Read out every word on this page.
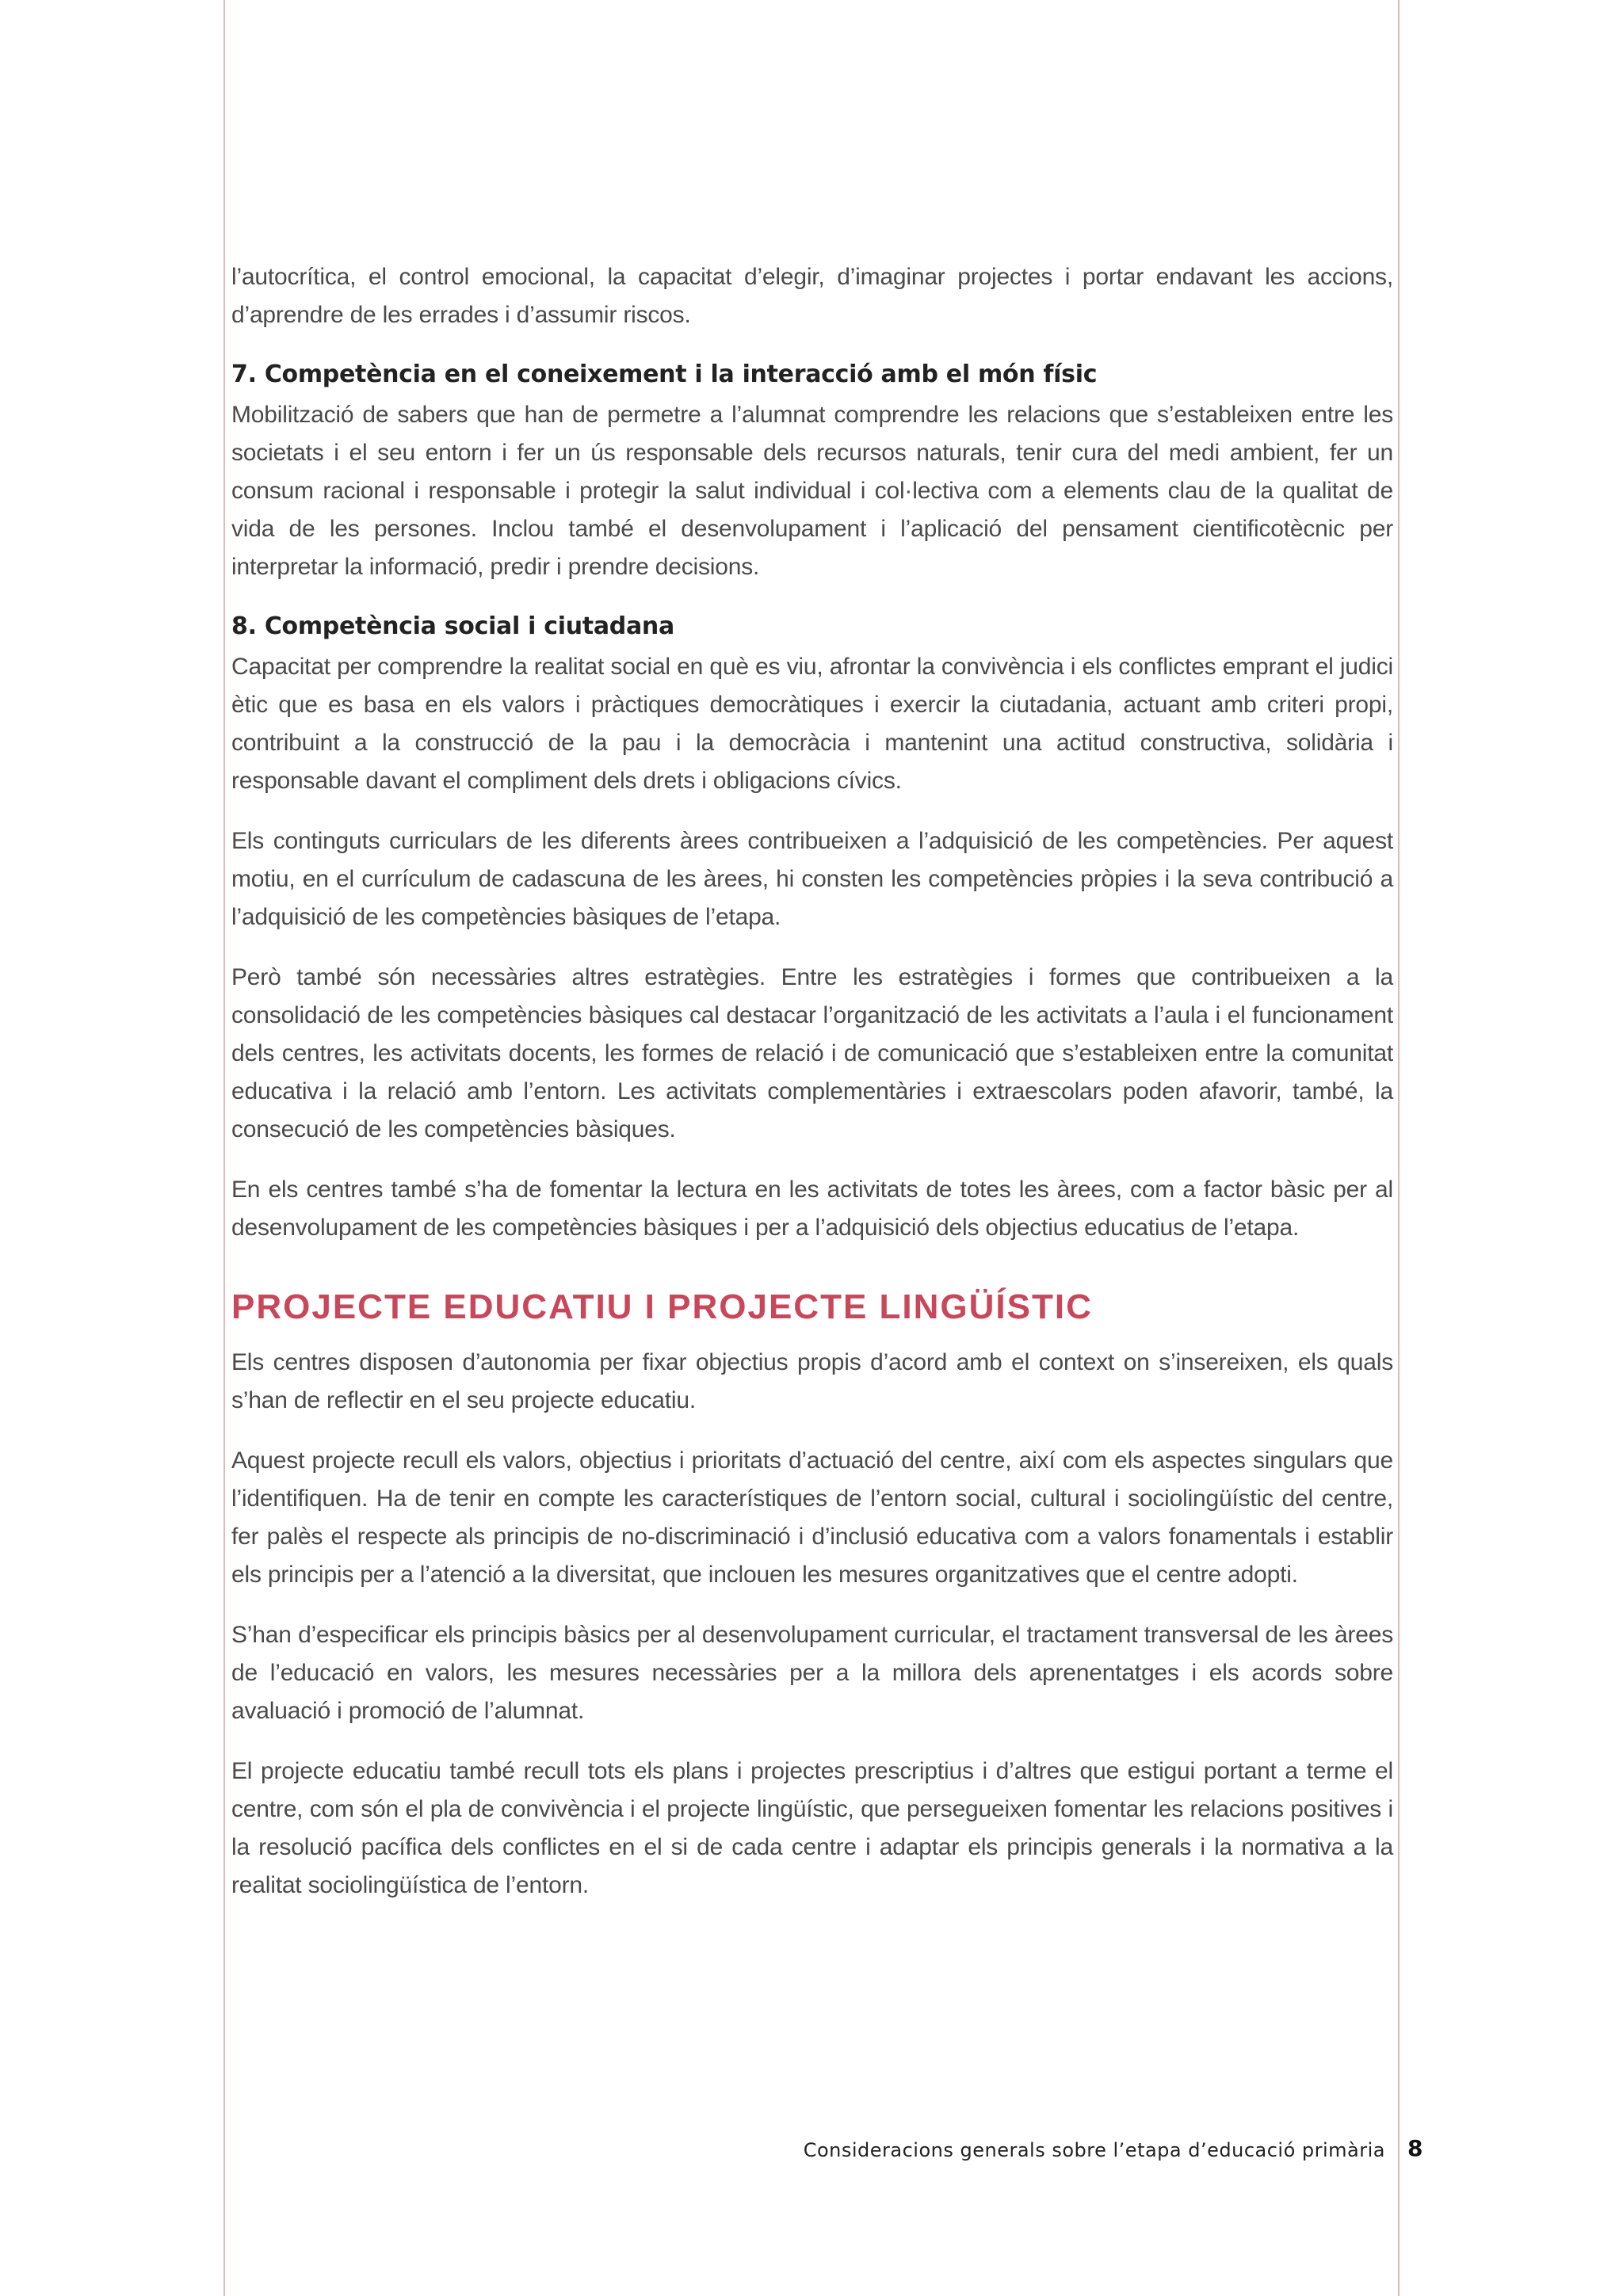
l’autocrítica, el control emocional, la capacitat d’elegir, d’imaginar projectes i portar endavant les accions, d’aprendre de les errades i d’assumir riscos.

7. Competència en el coneixement i la interacció amb el món físic

Mobilització de sabers que han de permetre a l’alumnat comprendre les relacions que s’estableixen entre les societats i el seu entorn i fer un ús responsable dels recursos naturals, tenir cura del medi ambient, fer un consum racional i responsable i protegir la salut individual i col·lectiva com a elements clau de la qualitat de vida de les persones. Inclou també el desenvolupament i l’aplicació del pensament cientificotècnic per interpretar la informació, predir i prendre decisions.

8. Competència social i ciutadana

Capacitat per comprendre la realitat social en què es viu, afrontar la convivència i els conflictes emprant el judici ètic que es basa en els valors i pràctiques democràtiques i exercir la ciutadania, actuant amb criteri propi, contribuint a la construcció de la pau i la democràcia i mantenint una actitud constructiva, solidària i responsable davant el compliment dels drets i obligacions cívics.

Els continguts curriculars de les diferents àrees contribueixen a l’adquisició de les competències. Per aquest motiu, en el currículum de cadascuna de les àrees, hi consten les competències pròpies i la seva contribució a l’adquisició de les competències bàsiques de l’etapa.

Però també són necessàries altres estratègies. Entre les estratègies i formes que contribueixen a la consolidació de les competències bàsiques cal destacar l’organització de les activitats a l’aula i el funcionament dels centres, les activitats docents, les formes de relació i de comunicació que s’estableixen entre la comunitat educativa i la relació amb l’entorn. Les activitats complementàries i extraescolars poden afavorir, també, la consecució de les competències bàsiques.

En els centres també s’ha de fomentar la lectura en les activitats de totes les àrees, com a factor bàsic per al desenvolupament de les competències bàsiques i per a l’adquisició dels objectius educatius de l’etapa.

PROJECTE EDUCATIU I PROJECTE LINGÜÍSTIC

Els centres disposen d’autonomia per fixar objectius propis d’acord amb el context on s’insereixen, els quals s’han de reflectir en el seu projecte educatiu.

Aquest projecte recull els valors, objectius i prioritats d’actuació del centre, així com els aspectes singulars que l’identifiquen. Ha de tenir en compte les característiques de l’entorn social, cultural i sociolingüístic del centre, fer palès el respecte als principis de no-discriminació i d’inclusió educativa com a valors fonamentals i establir els principis per a l’atenció a la diversitat, que inclouen les mesures organitzatives que el centre adopti.

S’han d’especificar els principis bàsics per al desenvolupament curricular, el tractament transversal de les àrees de l’educació en valors, les mesures necessàries per a la millora dels aprenentatges i els acords sobre avaluació i promoció de l’alumnat.

El projecte educatiu també recull tots els plans i projectes prescriptius i d’altres que estigui portant a terme el centre, com són el pla de convivència i el projecte lingüístic, que persegueixen fomentar les relacions positives i la resolució pacífica dels conflictes en el si de cada centre i adaptar els principis generals i la normativa a la realitat sociolingüística de l’entorn.

Consideracions generals sobre l’etapa d’educació primària 8
